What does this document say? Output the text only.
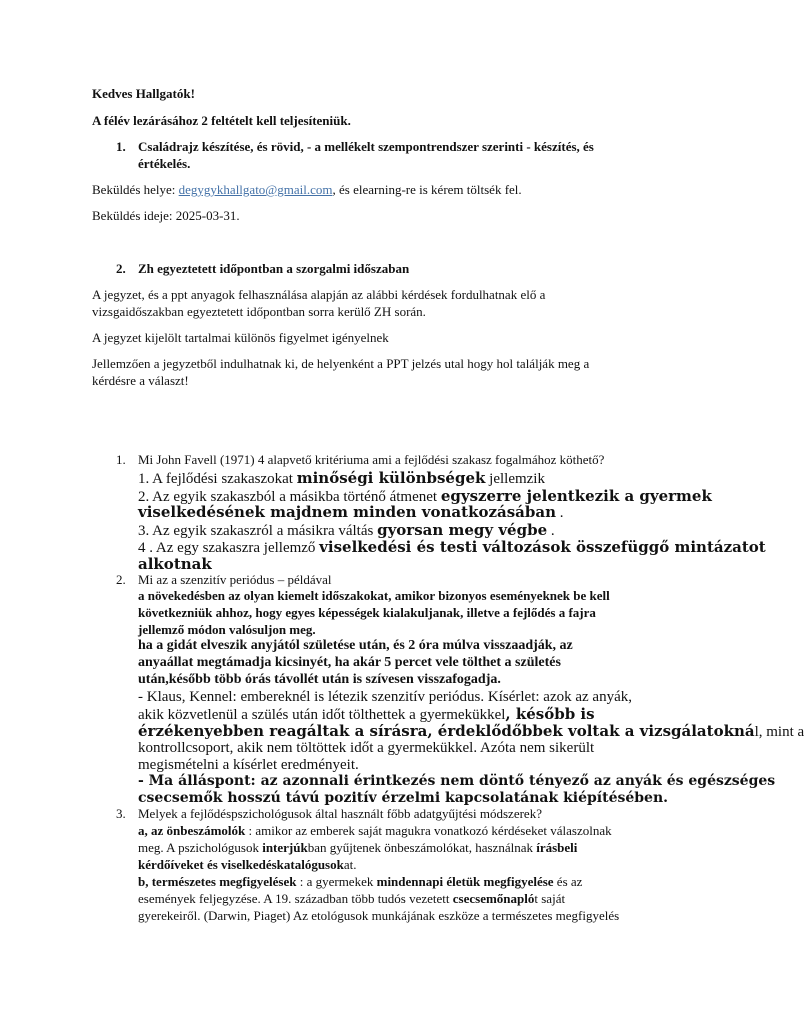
Kedves Hallgatók!
A félév lezárásához 2 feltételt kell teljesíteniük.
1. Családrajz készítése, és rövid, - a mellékelt szempontrendszer szerinti - készítés, és
értékelés.
Beküldés helye: degygykhallgato@gmail.com, és elearning-re is kérem töltsék fel.
Beküldés ideje: 2025-03-31.
2. Zh egyeztetett időpontban a szorgalmi időszaban
A jegyzet, és a ppt anyagok felhasználása alapján az alábbi kérdések fordulhatnak elő a
vizsgaidőszakban egyeztetett időpontban sorra kerülő ZH során.
A jegyzet kijelölt tartalmai különös figyelmet igényelnek
Jellemzően a jegyzetből indulhatnak ki, de helyenként a PPT jelzés utal hogy hol találják meg a
kérdésre a választ!
1. Mi John Favell (1971) 4 alapvető kritériuma ami a fejlődési szakasz fogalmához köthető?
1. A fejlődési szakaszokat minőségi különbségek jellemzik
2. Az egyik szakaszból a másikba történő átmenet egyszerre jelentkezik a gyermek
viselkedésének majdnem minden vonatkozásában .
3. Az egyik szakaszról a másikra váltás gyorsan megy végbe .
4 . Az egy szakaszra jellemző viselkedési és testi változások összefüggő mintázatot
alkotnak
2. Mi az a szenzitív periódus – példával
a növekedésben az olyan kiemelt időszakokat, amikor bizonyos eseményeknek be kell
következniük ahhoz, hogy egyes képességek kialakuljanak, illetve a fejlődés a fajra
jellemző módon valósuljon meg.
ha a gidát elveszik anyjától születése után, és 2 óra múlva visszaadják, az
anyaállat megtámadja kicsinyét, ha akár 5 percet vele tölthet a születés
után,később több órás távollét után is szívesen visszafogadja.
- Klaus, Kennel: embereknél is létezik szenzitív periódus. Kísérlet: azok az anyák,
akik közvetlenül a szülés után időt tölthettek a gyermekükkel, később is
érzékenyebben reagáltak a sírásra, érdeklődőbbek voltak a vizsgálatoknál, mint a
kontrollcsoport, akik nem töltöttek időt a gyermekükkel. Azóta nem sikerült
megismételni a kísérlet eredményeit.
- Ma álláspont: az azonnali érintkezés nem döntő tényező az anyák és egészséges
csecsemők hosszú távú pozitív érzelmi kapcsolatának kiépítésében.
3. Melyek a fejlődéspszichológusok által használt főbb adatgyűjtési módszerek?
a, az önbeszámolók : amikor az emberek saját magukra vonatkozó kérdéseket válaszolnak
meg. A pszichológusok interjúkban gyűjtenek önbeszámolókat, használnak írásbeli
kérdőíveket és viselkedéskatalógusokat.
b, természetes megfigyelések : a gyermekek mindennapi életük megfigyelése és az
események feljegyzése. A 19. században több tudós vezetett csecsemőnaplót saját
gyerekeiről. (Darwin, Piaget) Az etológusok munkájának eszköze a természetes megfigyelés
